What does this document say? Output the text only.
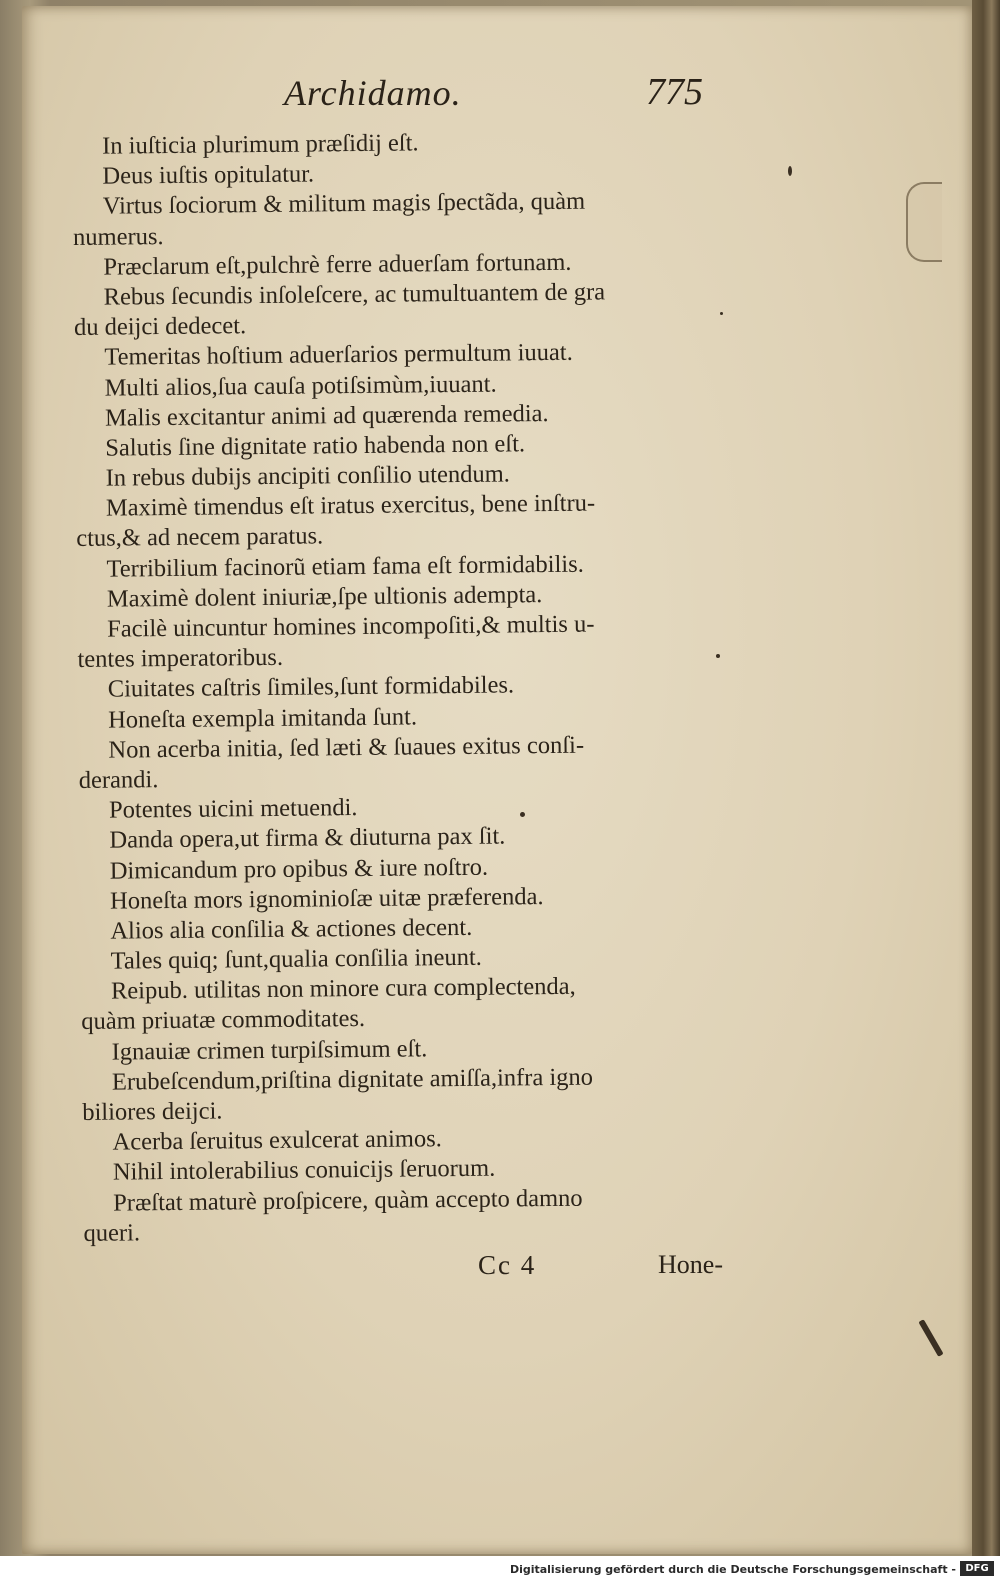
Archidamo.	775
In iuſticia plurimum præſidij eſt.
Deus iuſtis opitulatur.
Virtus ſociorum & militum magis ſpectãda, quàm
numerus.
Præclarum eſt,pulchrè ferre aduerſam fortunam.
Rebus ſecundis inſoleſcere, ac tumultuantem de gra
du deijci dedecet.
Temeritas hoſtium aduerſarios permultum iuuat.
Multi alios,ſua cauſa potiſsimùm,iuuant.
Malis excitantur animi ad quærenda remedia.
Salutis ſine dignitate ratio habenda non eſt.
In rebus dubijs ancipiti conſilio utendum.
Maximè timendus eſt iratus exercitus, bene inſtru-
ctus,& ad necem paratus.
Terribilium facinorũ etiam fama eſt formidabilis.
Maximè dolent iniuriæ,ſpe ultionis adempta.
Facilè uincuntur homines incompoſiti,& multis u-
tentes imperatoribus.
Ciuitates caſtris ſimiles,ſunt formidabiles.
Honeſta exempla imitanda ſunt.
Non acerba initia, ſed læti & ſuaues exitus conſi-
derandi.
Potentes uicini metuendi.
Danda opera,ut firma & diuturna pax ſit.
Dimicandum pro opibus & iure noſtro.
Honeſta mors ignominioſæ uitæ præferenda.
Alios alia conſilia & actiones decent.
Tales quiq; ſunt,qualia conſilia ineunt.
Reipub. utilitas non minore cura complectenda,
quàm priuatæ commoditates.
Ignauiæ crimen turpiſsimum eſt.
Erubeſcendum,priſtina dignitate amiſſa,infra igno
biliores deijci.
Acerba ſeruitus exulcerat animos.
Nihil intolerabilius conuicijs ſeruorum.
Præſtat maturè proſpicere, quàm accepto damno
queri.
Cc 4	Hone-
Digitalisierung gefördert durch die Deutsche Forschungsgemeinschaft - DFG
